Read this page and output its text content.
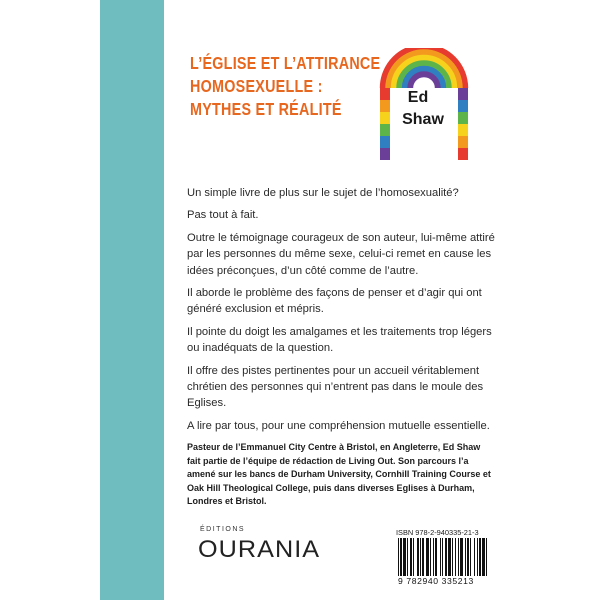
L’ÉGLISE ET L’ATTIRANCE
HOMOSEXUELLE :
MYTHES ET RÉALITÉ
Ed
Shaw

Un simple livre de plus sur le sujet de l’homosexualité?

Pas tout à fait.

Outre le témoignage courageux de son auteur, lui-même attiré par les personnes du même sexe, celui-ci remet en cause les idées préconçues, d’un côté comme de l’autre.

Il aborde le problème des façons de penser et d’agir qui ont généré exclusion et mépris.

Il pointe du doigt les amalgames et les traitements trop légers ou inadéquats de la question.

Il offre des pistes pertinentes pour un accueil véritablement chrétien des personnes qui n’entrent pas dans le moule des Eglises.

A lire par tous, pour une compréhension mutuelle essentielle.

Pasteur de l’Emmanuel City Centre à Bristol, en Angleterre, Ed Shaw fait partie de l’équipe de rédaction de Living Out. Son parcours l’a amené sur les bancs de Durham University, Cornhill Training Course et Oak Hill Theological College, puis dans diverses Eglises à Durham, Londres et Bristol.

ÉDITIONS
OURANIA
ISBN 978-2-940335-21-3
9 782940 335213
